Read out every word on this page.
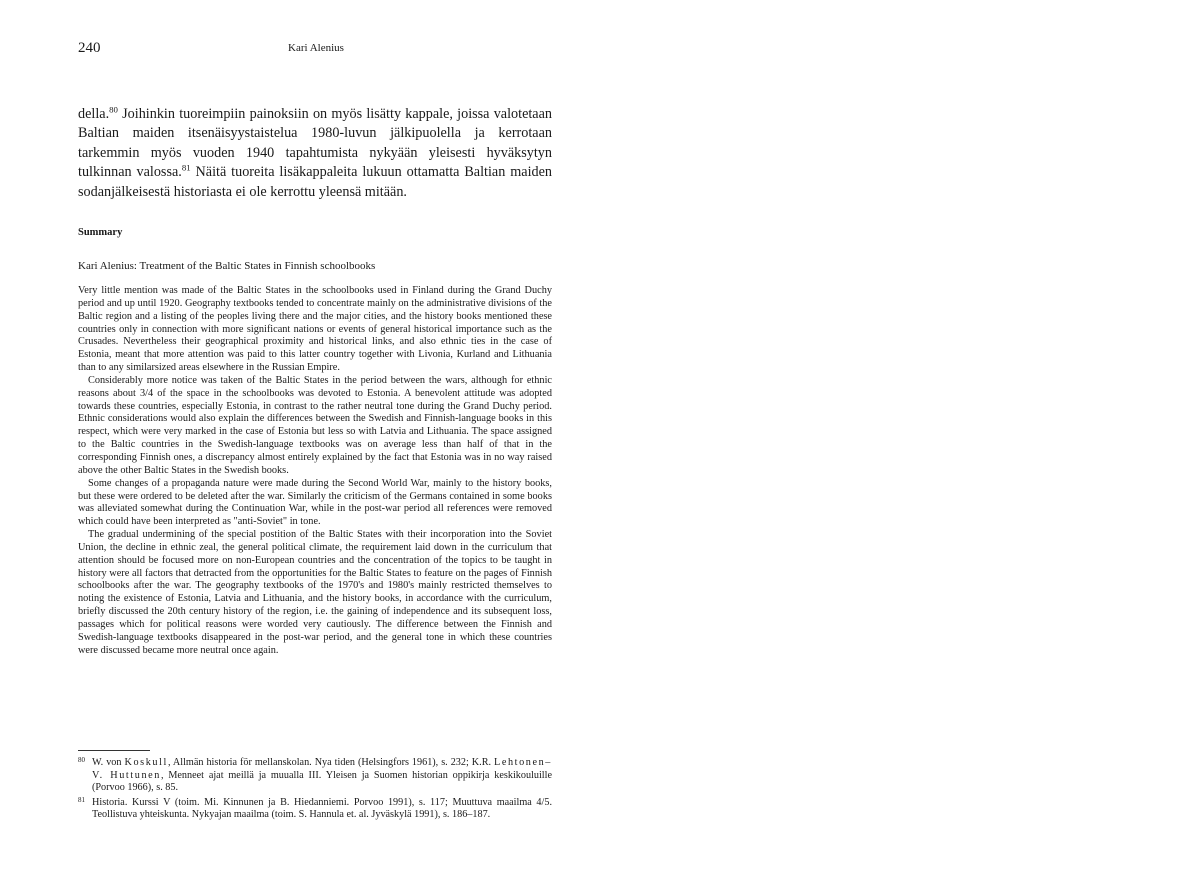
240	Kari Alenius
della.$^{80}$ Joihinkin tuoreimpiin painoksiin on myös lisätty kappale, joissa valotetaan Baltian maiden itsenäisyystaistelua 1980-luvun jälkipuolella ja kerrotaan tarkemmin myös vuoden 1940 tapahtumista nykyään yleisesti hyväksytyn tulkinnan valossa.$^{81}$ Näitä tuoreita lisäkappaleita lukuun ottamatta Baltian maiden sodanjälkeisestä historiasta ei ole kerrottu yleensä mitään.
Summary
Kari Alenius: Treatment of the Baltic States in Finnish schoolbooks

Very little mention was made of the Baltic States in the schoolbooks used in Finland during the Grand Duchy period and up until 1920. Geography textbooks tended to concentrate mainly on the administrative divisions of the Baltic region and a listing of the peoples living there and the major cities, and the history books mentioned these countries only in connection with more significant nations or events of general historical importance such as the Crusades. Nevertheless their geographical proximity and historical links, and also ethnic ties in the case of Estonia, meant that more attention was paid to this latter country together with Livonia, Kurland and Lithuania than to any similarsized areas elsewhere in the Russian Empire.

Considerably more notice was taken of the Baltic States in the period between the wars, although for ethnic reasons about 3/4 of the space in the schoolbooks was devoted to Estonia. A benevolent attitude was adopted towards these countries, especially Estonia, in contrast to the rather neutral tone during the Grand Duchy period. Ethnic considerations would also explain the differences between the Swedish and Finnish-language books in this respect, which were very marked in the case of Estonia but less so with Latvia and Lithuania. The space assigned to the Baltic countries in the Swedish-language textbooks was on average less than half of that in the corresponding Finnish ones, a discrepancy almost entirely explained by the fact that Estonia was in no way raised above the other Baltic States in the Swedish books.

Some changes of a propaganda nature were made during the Second World War, mainly to the history books, but these were ordered to be deleted after the war. Similarly the criticism of the Germans contained in some books was alleviated somewhat during the Continuation War, while in the post-war period all references were removed which could have been interpreted as "anti-Soviet" in tone.

The gradual undermining of the special postition of the Baltic States with their incorporation into the Soviet Union, the decline in ethnic zeal, the general political climate, the requirement laid down in the curriculum that attention should be focused more on non-European countries and the concentration of the topics to be taught in history were all factors that detracted from the opportunities for the Baltic States to feature on the pages of Finnish schoolbooks after the war. The geography textbooks of the 1970's and 1980's mainly restricted themselves to noting the existence of Estonia, Latvia and Lithuania, and the history books, in accordance with the curriculum, briefly discussed the 20th century history of the region, i.e. the gaining of independence and its subsequent loss, passages which for political reasons were worded very cautiously. The difference between the Finnish and Swedish-language textbooks disappeared in the post-war period, and the general tone in which these countries were discussed became more neutral once again.

80 W. von Koskull, Allmän historia för mellanskolan. Nya tiden (Helsingfors 1961), s. 232; K.R. Lehtonen–V. Huttunen, Menneet ajat meillä ja muualla III. Yleisen ja Suomen historian oppikirja keskikouluille (Porvoo 1966), s. 85.
81 Historia. Kurssi V (toim. Mi. Kinnunen ja B. Hiedanniemi. Porvoo 1991), s. 117; Muuttuva maailma 4/5. Teollistuva yhteiskunta. Nykyajan maailma (toim. S. Hannula et. al. Jyväskylä 1991), s. 186–187.
